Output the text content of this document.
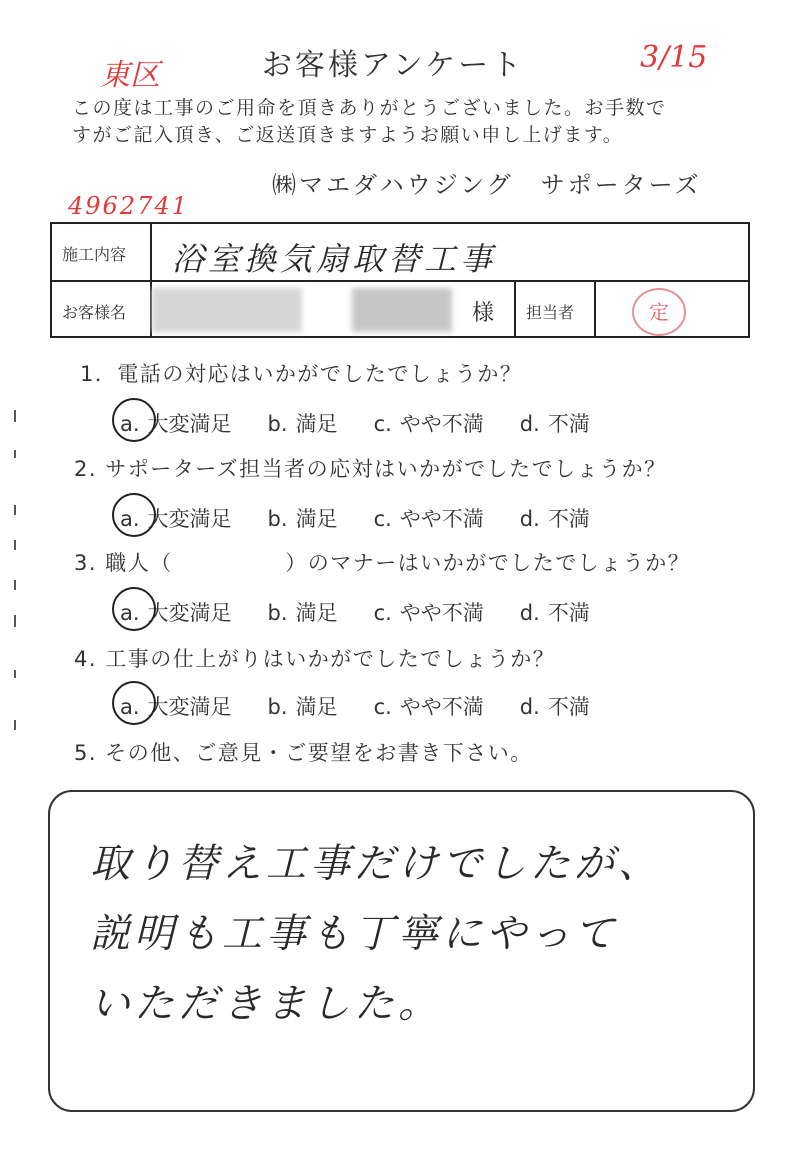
お客様アンケート
東区
3/15
この度は工事のご用命を頂きありがとうございました。お手数で
すがご記入頂き、ご返送頂きますようお願い申し上げます。
㈱マエダハウジング　サポーターズ
4962741
施工内容 浴室換気扇取替工事
お客様名	様 担当者	定
1．電話の対応はいかがでしたでしょうか？
a. 大変満足 b. 満足 c. やや不満 d. 不満
2. サポーターズ担当者の応対はいかがでしたでしょうか？
a. 大変満足 b. 満足 c. やや不満 d. 不満
3. 職人（　　　　　）のマナーはいかがでしたでしょうか？
a. 大変満足 b. 満足 c. やや不満 d. 不満
4. 工事の仕上がりはいかがでしたでしょうか？
a. 大変満足 b. 満足 c. やや不満 d. 不満
5. その他、ご意見・ご要望をお書き下さい。
取り替え工事だけでしたが、
説明も工事も丁寧にやって
いただきました。
